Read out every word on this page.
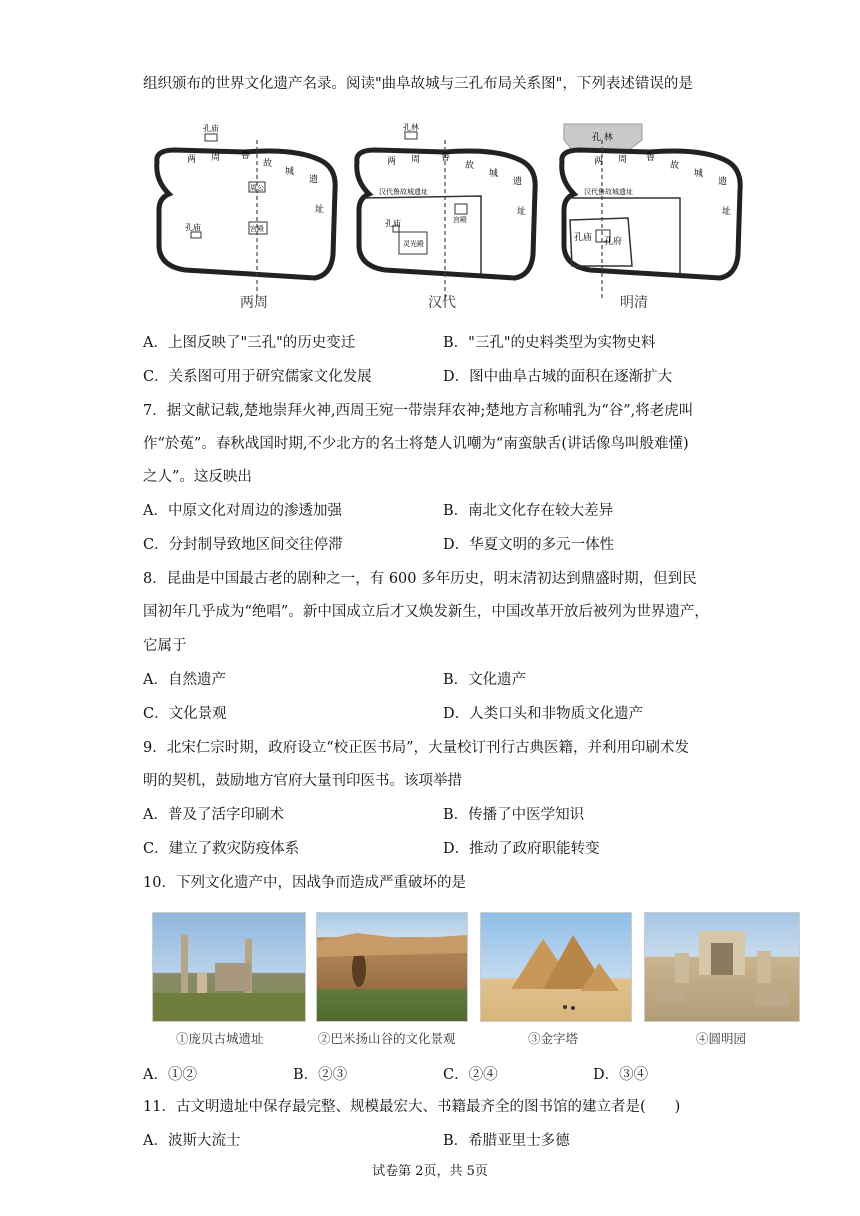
组织颁布的世界文化遗产名录。阅读"曲阜故城与三孔布局关系图"，下列表述错误的是
孔庙
周公
宫殿
孔庙
两 周 鲁
故
城
遗
址
两周
汉代鲁故城遗址
孔林
宫殿
灵光殿
孔庙
两 周 鲁
故
城
遗
址
汉代
孔 林
汉代鲁故城遗址
孔庙 孔府
两 周 鲁
故
城
遗
址
明清
A．上图反映了"三孔"的历史变迁	B．"三孔"的史料类型为实物史料
C．关系图可用于研究儒家文化发展	D．图中曲阜古城的面积在逐渐扩大
7．据文献记载,楚地崇拜火神,西周王宛一带崇拜农神;楚地方言称哺乳为“谷”,将老虎叫
作“於菟”。春秋战国时期,不少北方的名士将楚人讥嘲为“南蛮鴃舌(讲话像鸟叫般难懂)
之人”。这反映出
A．中原文化对周边的渗透加强	B．南北文化存在较大差异
C．分封制导致地区间交往停滞	D．华夏文明的多元一体性
8．昆曲是中国最古老的剧种之一，有 600 多年历史，明末清初达到鼎盛时期，但到民
国初年几乎成为“绝唱”。新中国成立后才又焕发新生，中国改革开放后被列为世界遗产，
它属于
A．自然遗产	B．文化遗产
C．文化景观	D．人类口头和非物质文化遗产
9．北宋仁宗时期，政府设立“校正医书局”，大量校订刊行古典医籍，并利用印刷术发
明的契机，鼓励地方官府大量刊印医书。该项举措
A．普及了活字印刷术	B．传播了中医学知识
C．建立了救灾防疫体系	D．推动了政府职能转变
10．下列文化遗产中，因战争而造成严重破坏的是
①庞贝古城遗址	②巴米扬山谷的文化景观	③金字塔	④圆明园
A．①②	B．②③	C．②④	D．③④
11．古文明遗址中保存最完整、规模最宏大、书籍最齐全的图书馆的建立者是(　　)
A．波斯大流士	B．希腊亚里士多德
试卷第 2页，共 5页
